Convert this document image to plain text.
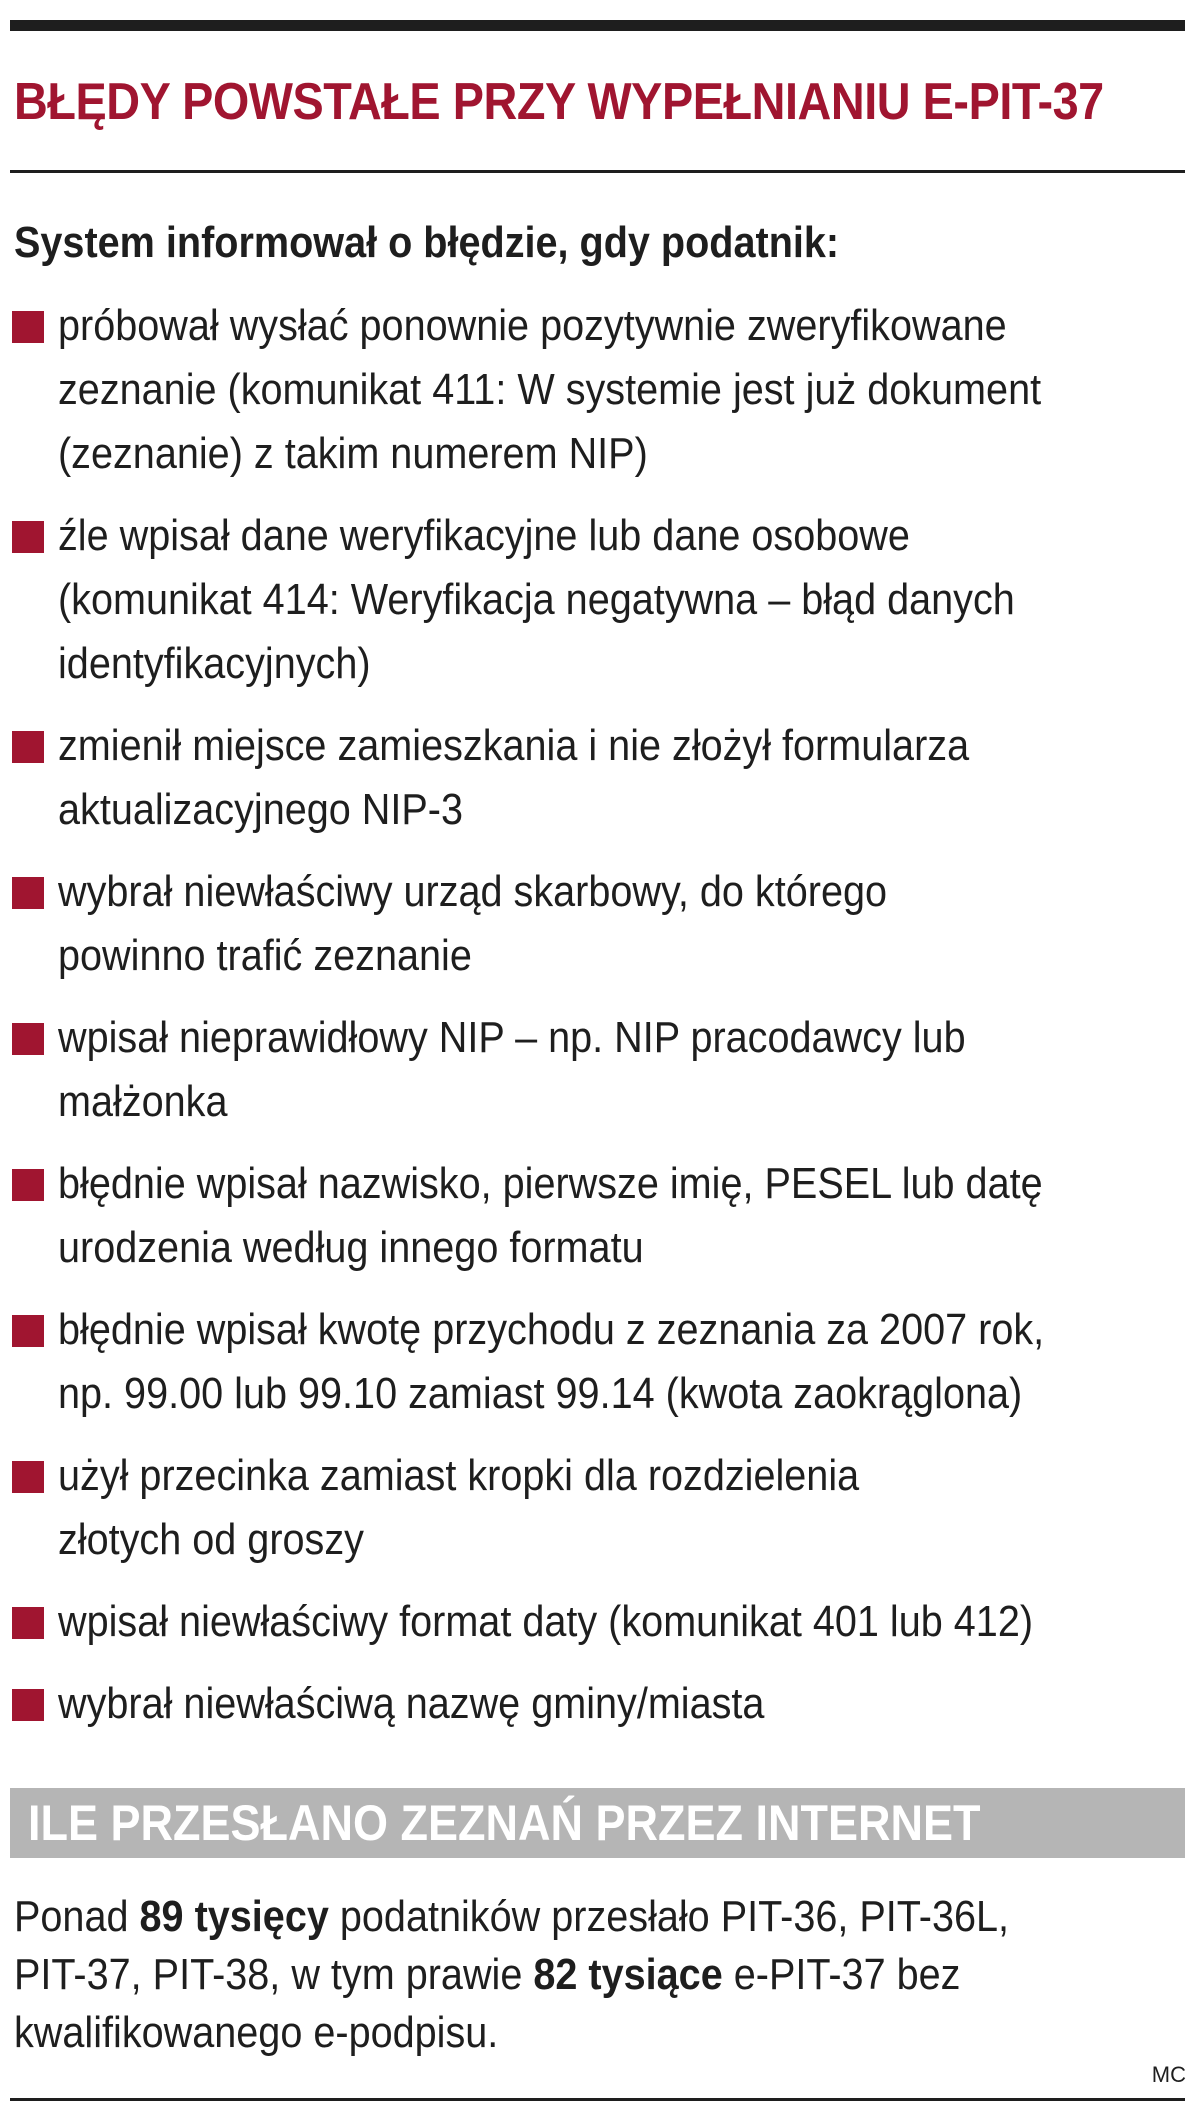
BŁĘDY POWSTAŁE PRZY WYPEŁNIANIU E-PIT-37
System informował o błędzie, gdy podatnik:
próbował wysłać ponownie pozytywnie zweryfikowane
zeznanie (komunikat 411: W systemie jest już dokument
(zeznanie) z takim numerem NIP)
źle wpisał dane weryfikacyjne lub dane osobowe
(komunikat 414: Weryfikacja negatywna – błąd danych
identyfikacyjnych)
zmienił miejsce zamieszkania i nie złożył formularza
aktualizacyjnego NIP-3
wybrał niewłaściwy urząd skarbowy, do którego
powinno trafić zeznanie
wpisał nieprawidłowy NIP – np. NIP pracodawcy lub
małżonka
błędnie wpisał nazwisko, pierwsze imię, PESEL lub datę
urodzenia według innego formatu
błędnie wpisał kwotę przychodu z zeznania za 2007 rok,
np. 99.00 lub 99.10 zamiast 99.14 (kwota zaokrąglona)
użył przecinka zamiast kropki dla rozdzielenia
złotych od groszy
wpisał niewłaściwy format daty (komunikat 401 lub 412)
wybrał niewłaściwą nazwę gminy/miasta
ILE PRZESŁANO ZEZNAŃ PRZEZ INTERNET
Ponad 89 tysięcy podatników przesłało PIT-36, PIT-36L,
PIT-37, PIT-38, w tym prawie 82 tysiące e-PIT-37 bez
kwalifikowanego e-podpisu.
MC
